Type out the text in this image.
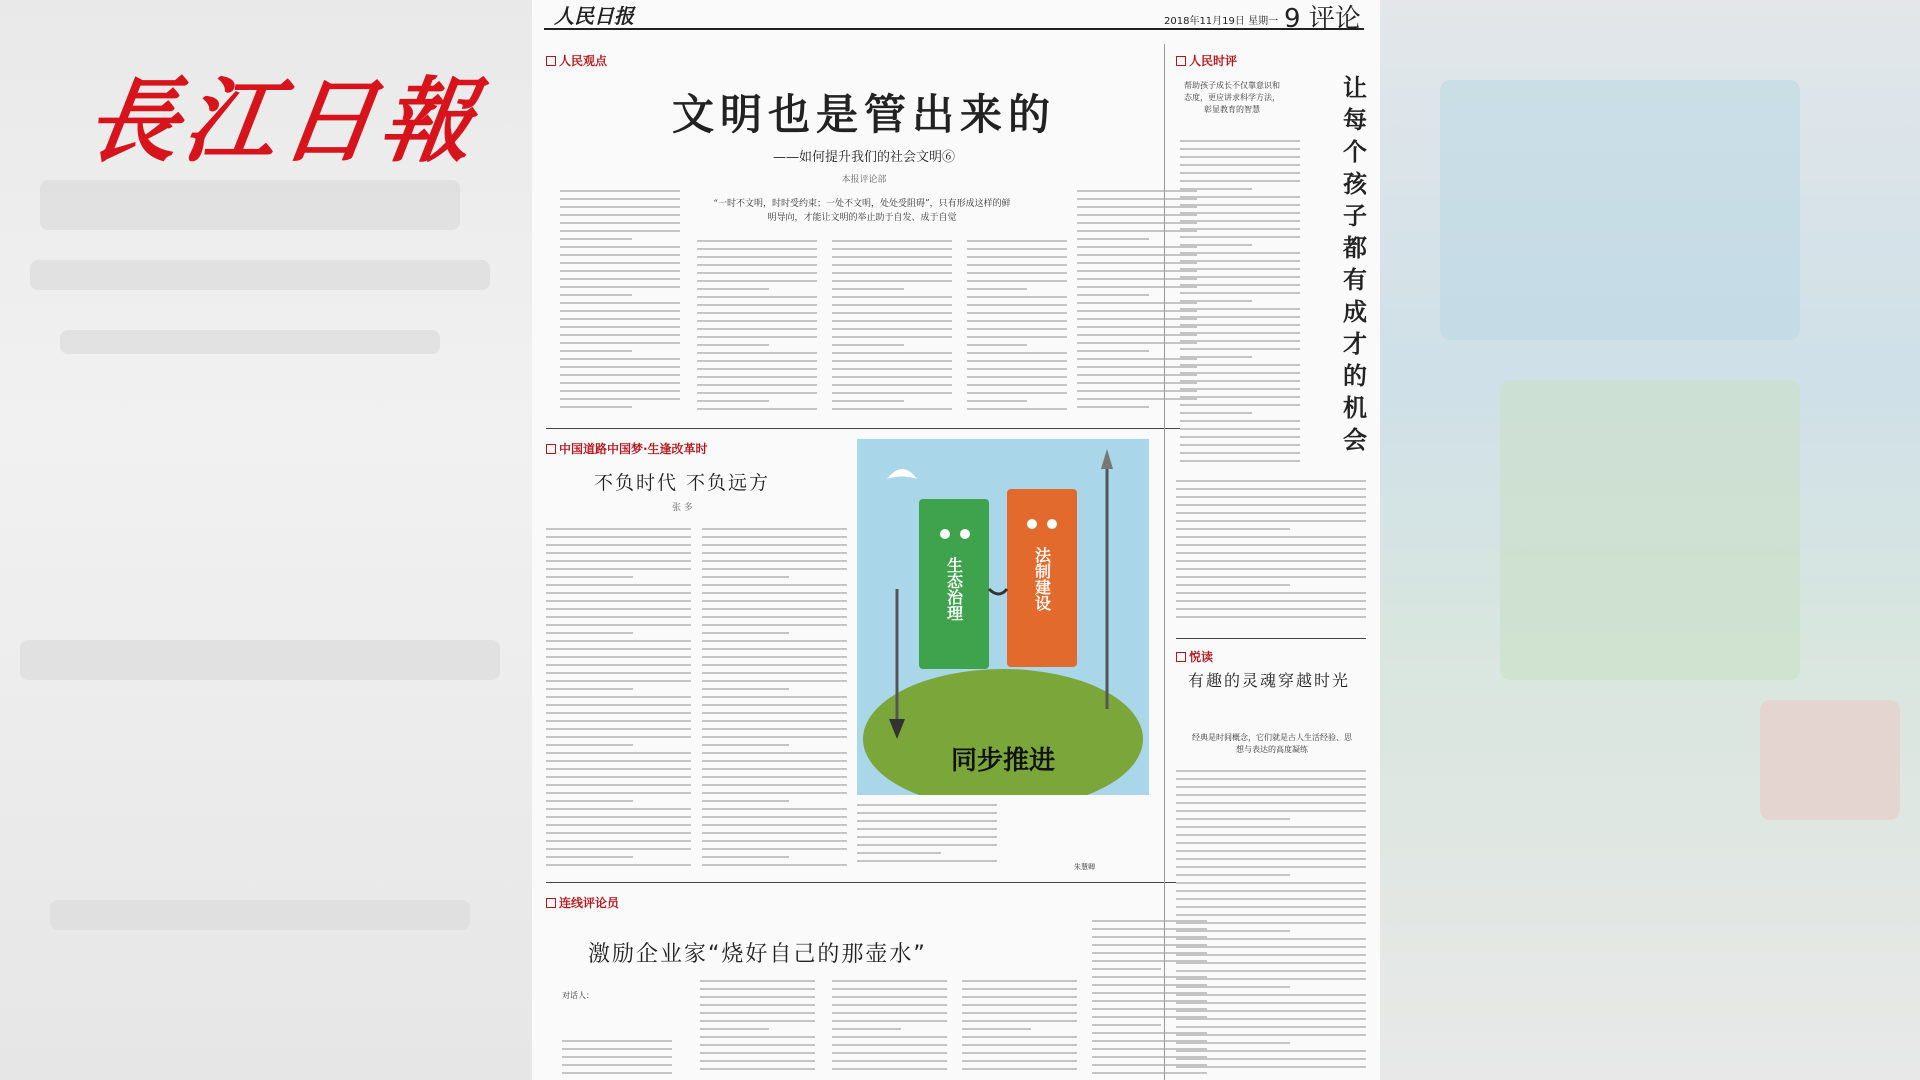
長江日報
人民日报	2018年11月19日 星期一 9 评论
人民观点
文明也是管出来的
——如何提升我们的社会文明⑥
本报评论部
“一时不文明，时时受约束；一处不文明，处处受阻碍”，只有形成这样的鲜明导向，才能让文明的举止助于自发、成于自觉
中国道路中国梦·生逢改革时
不负时代 不负远方
张 多
生态治理	法制建设
同步推进
朱慧卿
连线评论员
激励企业家“烧好自己的那壶水”
对话人：
人民时评
帮助孩子成长不仅靠意识和态度，更应讲求科学方法，彰显教育的智慧
让每个孩子都有成才的机会
悦读
有趣的灵魂穿越时光
经典是时间概念，它们就是古人生活经验、思想与表达的高度凝练
